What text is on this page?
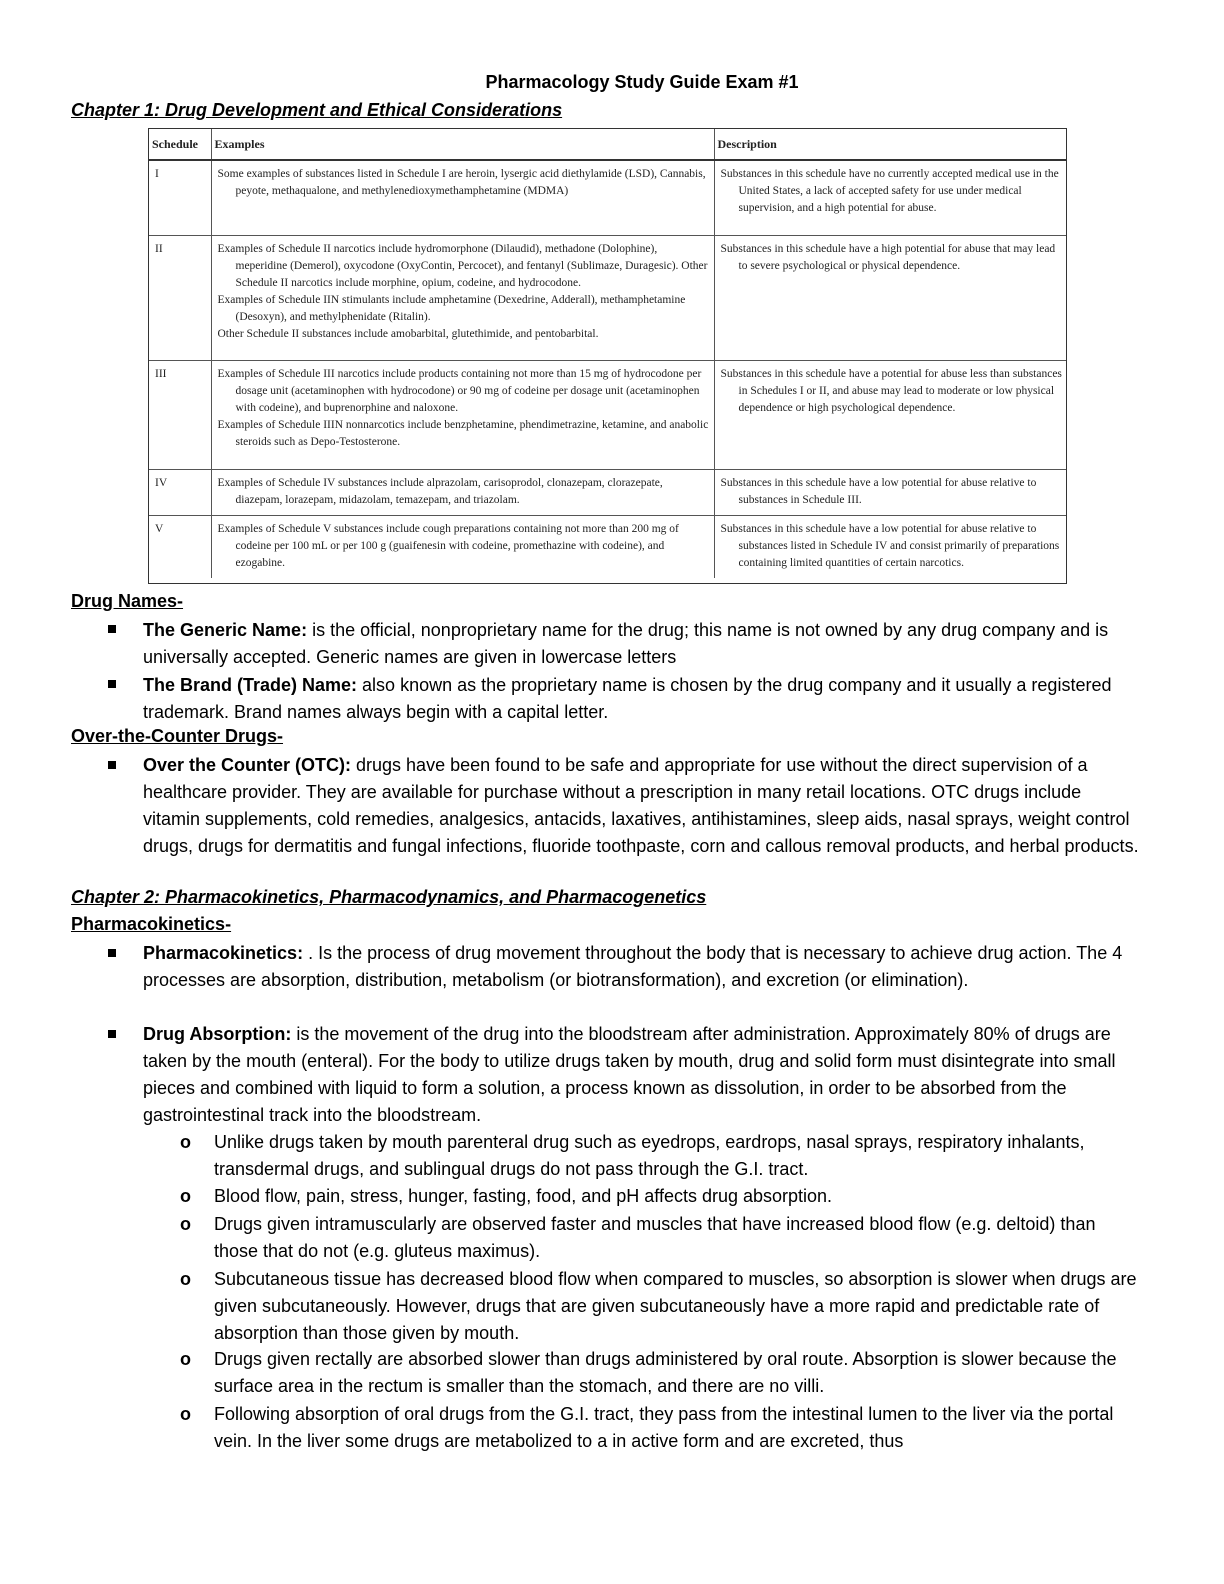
Pharmacology Study Guide Exam #1
Chapter 1: Drug Development and Ethical Considerations
Schedule	Examples	Description
I	Some examples of substances listed in Schedule I are heroin, lysergic acid diethylamide (LSD), Cannabis, peyote, methaqualone, and methylenedioxymethamphetamine (MDMA)	Substances in this schedule have no currently accepted medical use in the United States, a lack of accepted safety for use under medical supervision, and a high potential for abuse.

II	Examples of Schedule II narcotics include hydromorphone (Dilaudid), methadone (Dolophine), meperidine (Demerol), oxycodone (OxyContin, Percocet), and fentanyl (Sublimaze, Duragesic). Other Schedule II narcotics include morphine, opium, codeine, and hydrocodone.
Examples of Schedule IIN stimulants include amphetamine (Dexedrine, Adderall), methamphetamine (Desoxyn), and methylphenidate (Ritalin).
Other Schedule II substances include amobarbital, glutethimide, and pentobarbital.	Substances in this schedule have a high potential for abuse that may lead to severe psychological or physical dependence.

III	Examples of Schedule III narcotics include products containing not more than 15 mg of hydrocodone per dosage unit (acetaminophen with hydrocodone) or 90 mg of codeine per dosage unit (acetaminophen with codeine), and buprenorphine and naloxone.
Examples of Schedule IIIN nonnarcotics include benzphetamine, phendimetrazine, ketamine, and anabolic steroids such as Depo-Testosterone.	Substances in this schedule have a potential for abuse less than substances in Schedules I or II, and abuse may lead to moderate or low physical dependence or high psychological dependence.

IV	Examples of Schedule IV substances include alprazolam, carisoprodol, clonazepam, clorazepate, diazepam, lorazepam, midazolam, temazepam, and triazolam.	Substances in this schedule have a low potential for abuse relative to substances in Schedule III.

V	Examples of Schedule V substances include cough preparations containing not more than 200 mg of codeine per 100 mL or per 100 g (guaifenesin with codeine, promethazine with codeine), and ezogabine.	Substances in this schedule have a low potential for abuse relative to substances listed in Schedule IV and consist primarily of preparations containing limited quantities of certain narcotics.
Drug Names-
The Generic Name: is the official, nonproprietary name for the drug; this name is not owned by any drug company and is universally accepted. Generic names are given in lowercase letters
The Brand (Trade) Name: also known as the proprietary name is chosen by the drug company and it usually a registered trademark. Brand names always begin with a capital letter.
Over-the-Counter Drugs-
Over the Counter (OTC): drugs have been found to be safe and appropriate for use without the direct supervision of a healthcare provider. They are available for purchase without a prescription in many retail locations. OTC drugs include vitamin supplements, cold remedies, analgesics, antacids, laxatives, antihistamines, sleep aids, nasal sprays, weight control drugs, drugs for dermatitis and fungal infections, fluoride toothpaste, corn and callous removal products, and herbal products.
Chapter 2: Pharmacokinetics, Pharmacodynamics, and Pharmacogenetics
Pharmacokinetics-
Pharmacokinetics: . Is the process of drug movement throughout the body that is necessary to achieve drug action. The 4 processes are absorption, distribution, metabolism (or biotransformation), and excretion (or elimination).
Drug Absorption: is the movement of the drug into the bloodstream after administration. Approximately 80% of drugs are taken by the mouth (enteral). For the body to utilize drugs taken by mouth, drug and solid form must disintegrate into small pieces and combined with liquid to form a solution, a process known as dissolution, in order to be absorbed from the gastrointestinal track into the bloodstream.
o Unlike drugs taken by mouth parenteral drug such as eyedrops, eardrops, nasal sprays, respiratory inhalants, transdermal drugs, and sublingual drugs do not pass through the G.I. tract.
o Blood flow, pain, stress, hunger, fasting, food, and pH affects drug absorption.
o Drugs given intramuscularly are observed faster and muscles that have increased blood flow (e.g. deltoid) than those that do not (e.g. gluteus maximus).
o Subcutaneous tissue has decreased blood flow when compared to muscles, so absorption is slower when drugs are given subcutaneously. However, drugs that are given subcutaneously have a more rapid and predictable rate of absorption than those given by mouth.
o Drugs given rectally are absorbed slower than drugs administered by oral route. Absorption is slower because the surface area in the rectum is smaller than the stomach, and there are no villi.
o Following absorption of oral drugs from the G.I. tract, they pass from the intestinal lumen to the liver via the portal vein. In the liver some drugs are metabolized to a in active form and are excreted, thus
